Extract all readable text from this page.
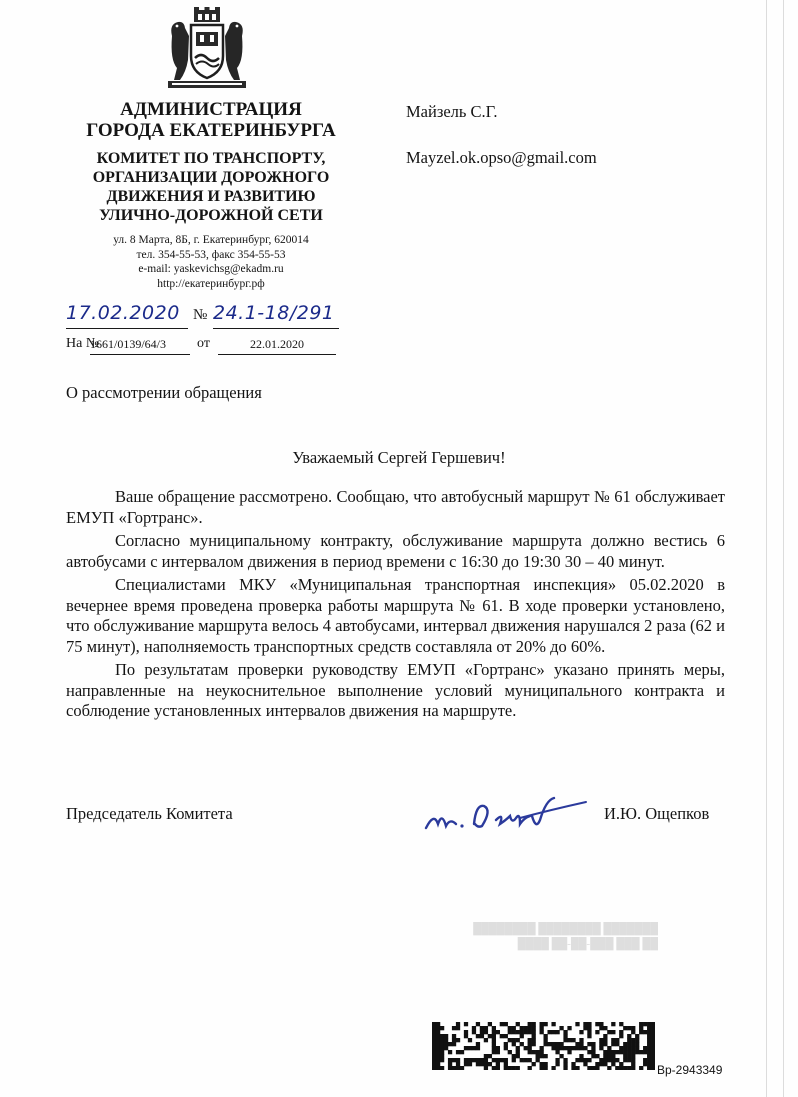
АДМИНИСТРАЦИЯ
ГОРОДА ЕКАТЕРИНБУРГА
КОМИТЕТ ПО ТРАНСПОРТУ,
ОРГАНИЗАЦИИ ДОРОЖНОГО
ДВИЖЕНИЯ И РАЗВИТИЮ
УЛИЧНО-ДОРОЖНОЙ СЕТИ
ул. 8 Марта, 8Б, г. Екатеринбург, 620014
тел. 354-55-53, факс 354-55-53
e-mail: yaskevichsg@ekadm.ru
http://екатеринбург.рф
Майзель С.Г.
Mayzel.ok.opso@gmail.com
17.02.2020 № 24.1-18/291
На №
1661/0139/64/3	от	22.01.2020
О рассмотрении обращения
Уважаемый Сергей Гершевич!

Ваше обращение рассмотрено. Сообщаю, что автобусный маршрут № 61 обслуживает ЕМУП «Гортранс».

Согласно муниципальному контракту, обслуживание маршрута должно вестись 6 автобусами с интервалом движения в период времени с 16:30 до 19:30 30 – 40 минут.

Специалистами МКУ «Муниципальная транспортная инспекция» 05.02.2020 в вечернее время проведена проверка работы маршрута № 61. В ходе проверки установлено, что обслуживание маршрута велось 4 автобусами, интервал движения нарушался 2 раза (62 и 75 минут), наполняемость транспортных средств составляла от 20% до 60%.

По результатам проверки руководству ЕМУП «Гортранс» указано принять меры, направленные на неукоснительное выполнение условий муниципального контракта и соблюдение установленных интервалов движения на маршруте.

Председатель Комитета	И.Ю. Ощепков
███████ ████████ ████████
██ ███ ███-██-██ ████
Вр-2943349
